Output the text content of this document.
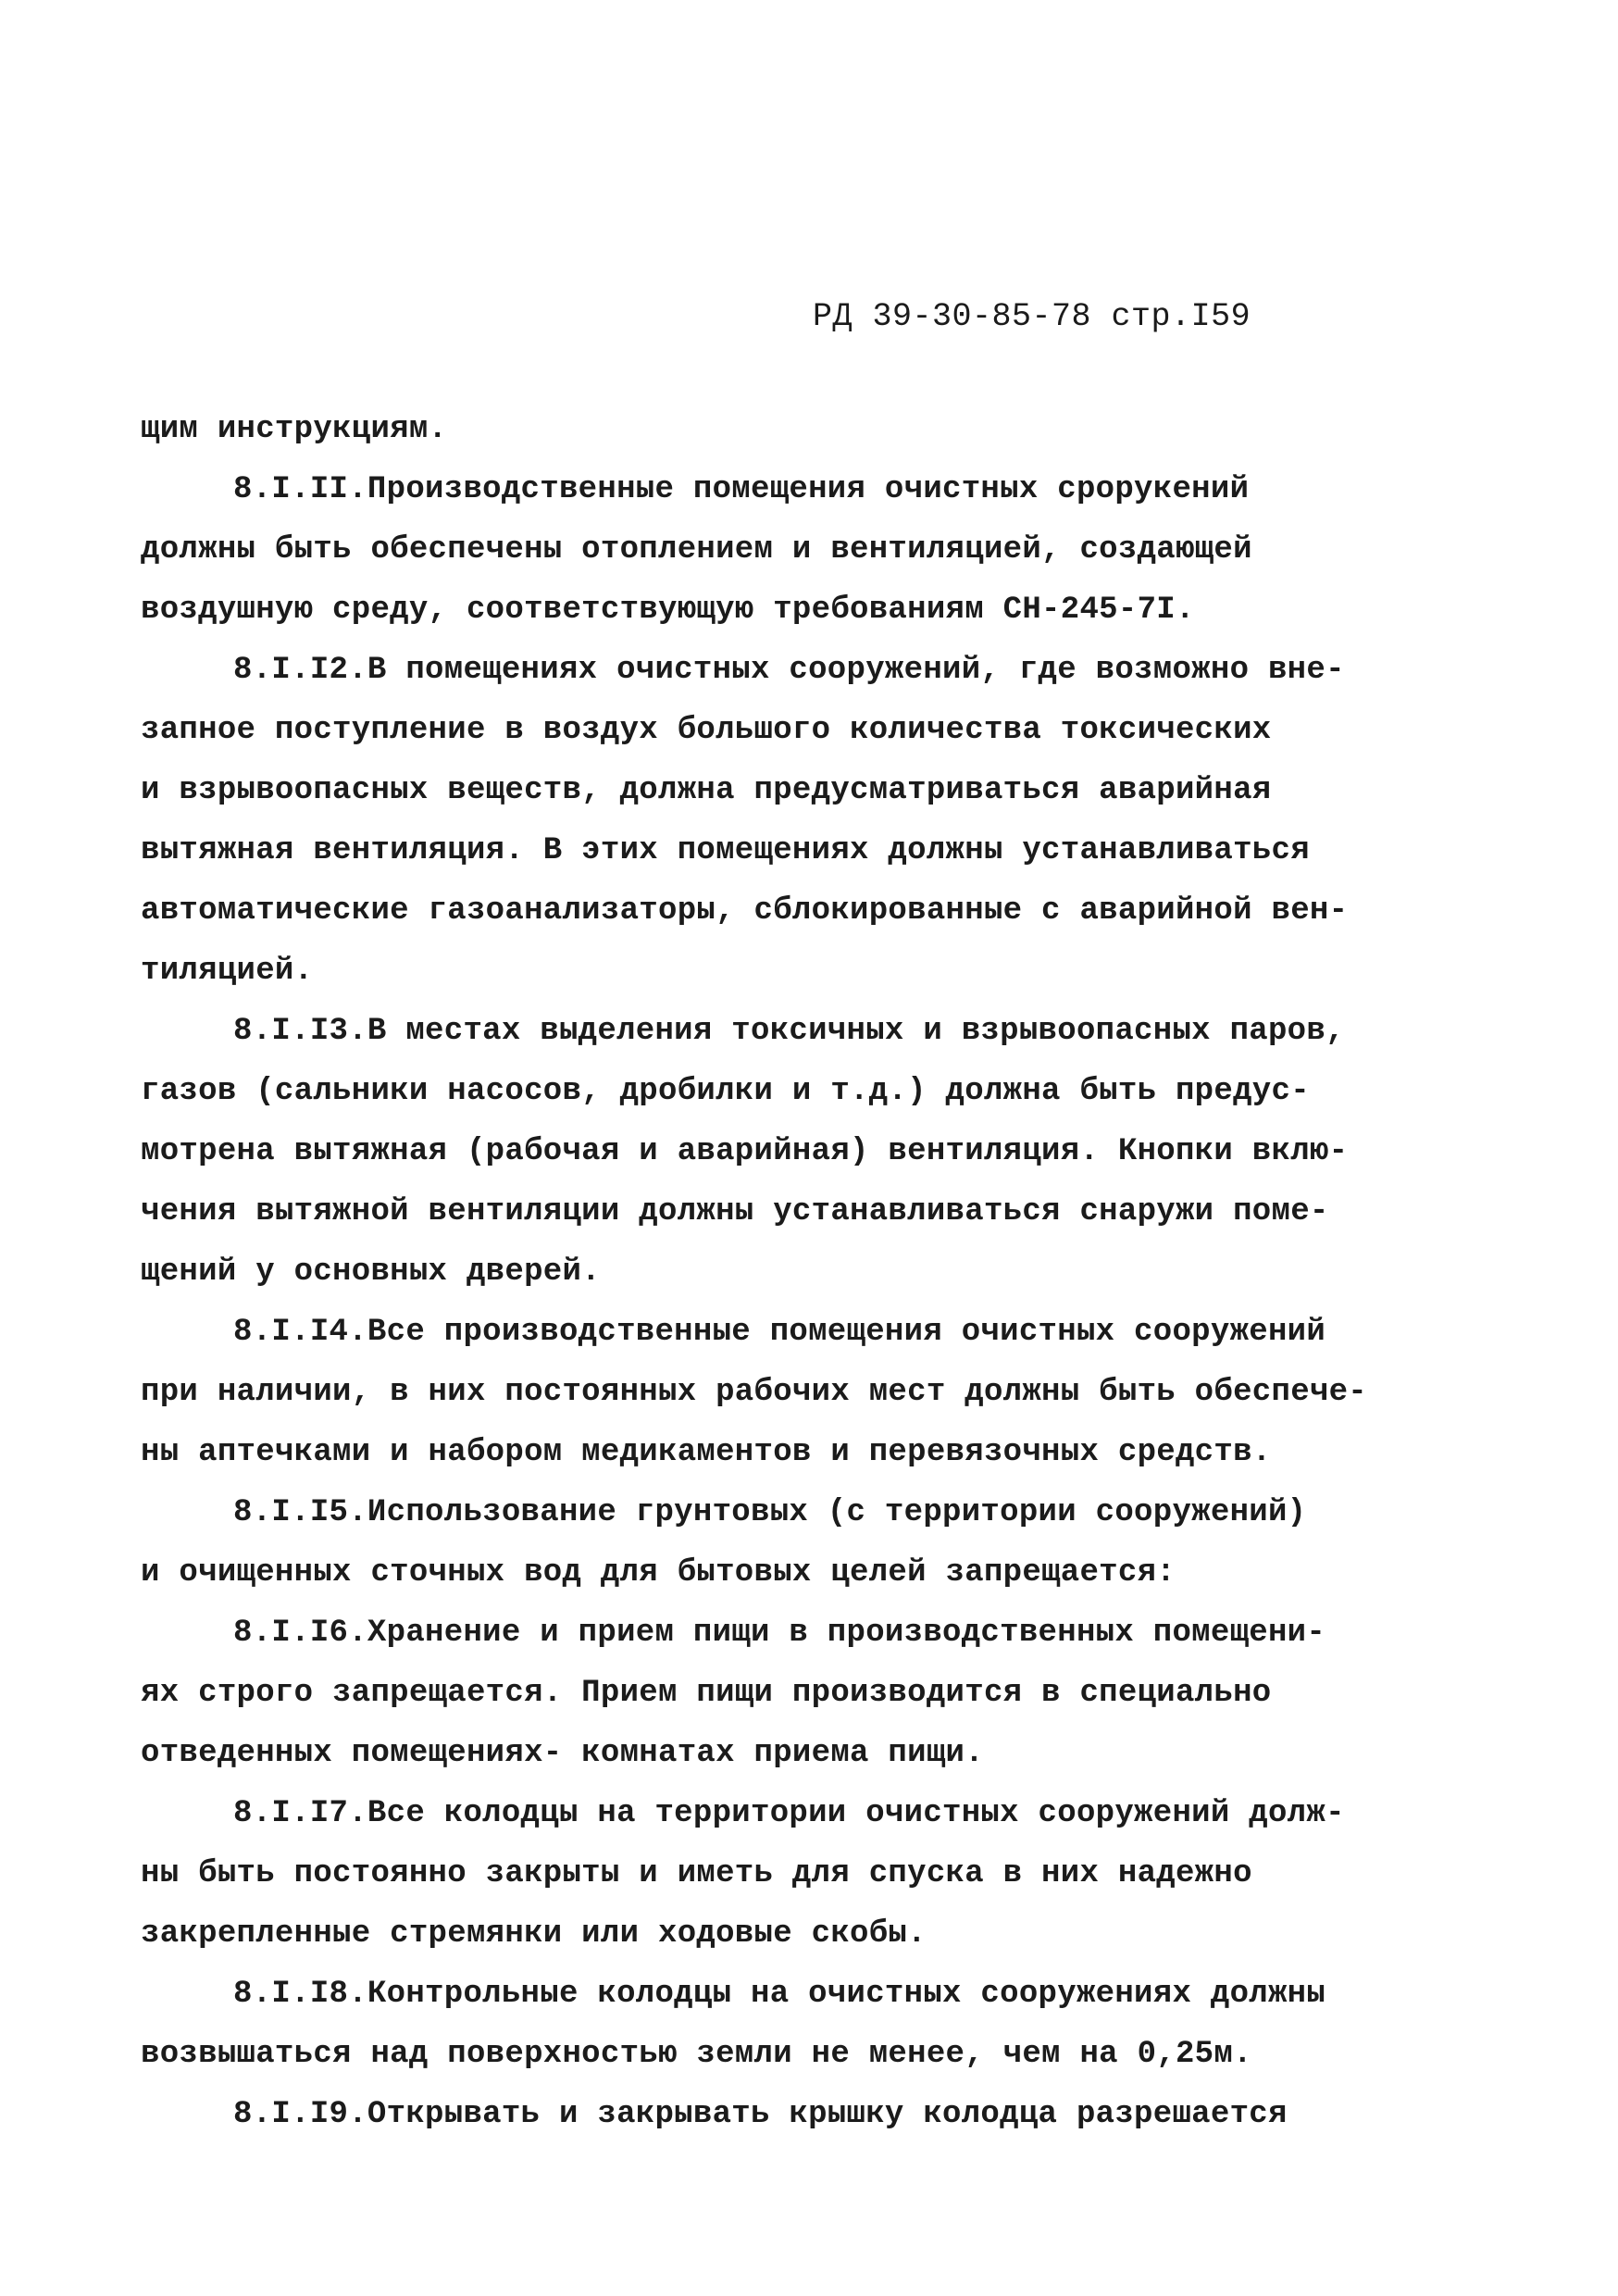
РД 39-30-85-78 стр.I59
щим инструкциям.
8.I.II.Производственные помещения очистных срорукений
должны быть обеспечены отоплением и вентиляцией, создающей
воздушную среду, соответствующую требованиям СН-245-7I.
8.I.I2.В помещениях очистных сооружений, где возможно вне-
запное поступление в воздух большого количества токсических
и взрывоопасных веществ, должна предусматриваться аварийная
вытяжная вентиляция. В этих помещениях должны устанавливаться
автоматические газоанализаторы, сблокированные с аварийной вен-
тиляцией.
8.I.I3.В местах выделения токсичных и взрывоопасных паров,
газов (сальники насосов, дробилки и т.д.) должна быть предус-
мотрена вытяжная (рабочая и аварийная) вентиляция. Кнопки вклю-
чения вытяжной вентиляции должны устанавливаться снаружи поме-
щений у основных дверей.
8.I.I4.Все производственные помещения очистных сооружений
при наличии, в них постоянных рабочих мест должны быть обеспече-
ны аптечками и набором медикаментов и перевязочных средств.
8.I.I5.Использование грунтовых (с территории сооружений)
и очищенных сточных вод для бытовых целей запрещается:
8.I.I6.Хранение и прием пищи в производственных помещени-
ях строго запрещается. Прием пищи производится в специально
отведенных помещениях- комнатах приема пищи.
8.I.I7.Все колодцы на территории очистных сооружений долж-
ны быть постоянно закрыты и иметь для спуска в них надежно
закрепленные стремянки или ходовые скобы.
8.I.I8.Контрольные колодцы на очистных сооружениях должны
возвышаться над поверхностью земли не менее, чем на 0,25м.
8.I.I9.Открывать и закрывать крышку колодца разрешается
